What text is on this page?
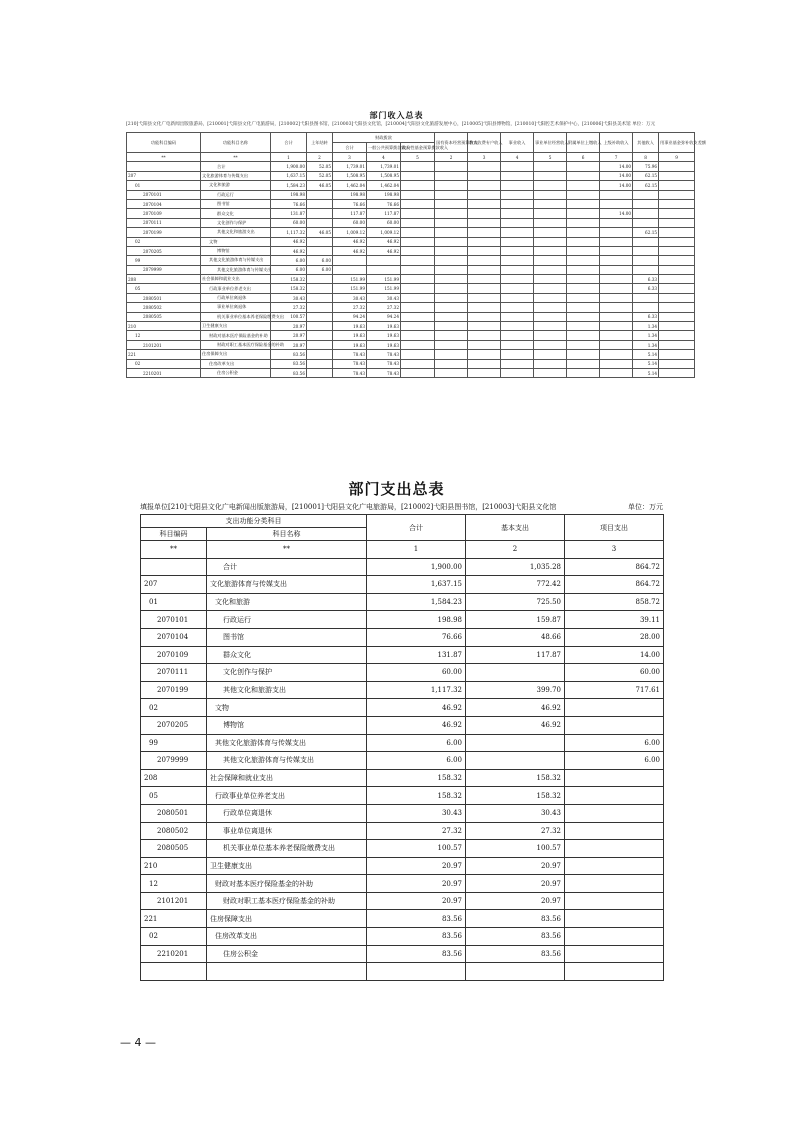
部门收入总表
[210]弋阳县文化广电新闻出版旅游局，[210001]弋阳县文化广电旅游局，[210002]弋阳县图书馆，[210003]弋阳县文化馆，[210004]弋阳县文化旅游发展中心，[210005]弋阳县博物馆，[210010]弋阳腔艺术保护中心，[210006]弋阳县美术馆 单位：万元
功能科目编码	功能科目名称	合计	上年结转	财政拨款			国有资本经营预算收入	教育收费专户收入	事业收入	事业单位经营收入	附属单位上缴收入	上级补助收入	其他收入	用事业基金弥补收支差额
				合计	一般公共预算拨款收入	政府性基金预算拨款收入								
**	**	1	2	3	4	5	2	3	4	5	6	7	8	9
	合计	1,900.00	52.05	1,739.01	1,739.01							14.00	75.96	
207	文化旅游体育与传媒支出	1,637.15	52.05	1,508.95	1,508.95							14.00	62.15	
01	文化和旅游	1,584.23	46.05	1,462.04	1,462.04							14.00	62.15	
2070101	行政运行	198.98		198.98	198.98									
2070104	图书馆	76.66		76.66	76.66									
2070109	群众文化	131.87		117.87	117.87							14.00		
2070111	文化创作与保护	60.00		60.00	60.00									
2070199	其他文化和旅游支出	1,117.32	46.05	1,009.12	1,009.12								62.15	
02	文物	46.92		46.92	46.92									
2070205	博物馆	46.92		46.92	46.92									
99	其他文化旅游体育与传媒支出	6.00	6.00											
2079999	其他文化旅游体育与传媒支出	6.00	6.00											
208	社会保障和就业支出	158.32		151.99	151.99								6.33	
05	行政事业单位养老支出	158.32		151.99	151.99								6.33	
2080501	行政单位离退休	30.43		30.43	30.43									
2080502	事业单位离退休	27.32		27.32	27.32									
2080505	机关事业单位基本养老保险缴费支出	100.57		94.24	94.24								6.33	
210	卫生健康支出	20.97		19.63	19.63								1.34	
12	财政对基本医疗保险基金的补助	20.97		19.63	19.63								1.34	
2101201	财政对职工基本医疗保险基金的补助	20.97		19.63	19.63								1.34	
221	住房保障支出	83.56		78.43	78.43								5.14	
02	住房改革支出	83.56		78.43	78.43								5.14	
2210201	住房公积金	83.56		78.43	78.43								5.14	
部门支出总表
填报单位[210]弋阳县文化广电新闻出版旅游局，[210001]弋阳县文化广电旅游局，[210002]弋阳县图书馆，[210003]弋阳县文化馆	单位：万元
支出功能分类科目		合计	基本支出	项目支出
科目编码	科目名称			
**	**	1	2	3
	合计	1,900.00	1,035.28	864.72
207	文化旅游体育与传媒支出	1,637.15	772.42	864.72
01	文化和旅游	1,584.23	725.50	858.72
2070101	行政运行	198.98	159.87	39.11
2070104	图书馆	76.66	48.66	28.00
2070109	群众文化	131.87	117.87	14.00
2070111	文化创作与保护	60.00		60.00
2070199	其他文化和旅游支出	1,117.32	399.70	717.61
02	文物	46.92	46.92	
2070205	博物馆	46.92	46.92	
99	其他文化旅游体育与传媒支出	6.00		6.00
2079999	其他文化旅游体育与传媒支出	6.00		6.00
208	社会保障和就业支出	158.32	158.32	
05	行政事业单位养老支出	158.32	158.32	
2080501	行政单位离退休	30.43	30.43	
2080502	事业单位离退休	27.32	27.32	
2080505	机关事业单位基本养老保险缴费支出	100.57	100.57	
210	卫生健康支出	20.97	20.97	
12	财政对基本医疗保险基金的补助	20.97	20.97	
2101201	财政对职工基本医疗保险基金的补助	20.97	20.97	
221	住房保障支出	83.56	83.56	
02	住房改革支出	83.56	83.56	
2210201	住房公积金	83.56	83.56	

— 4 —
